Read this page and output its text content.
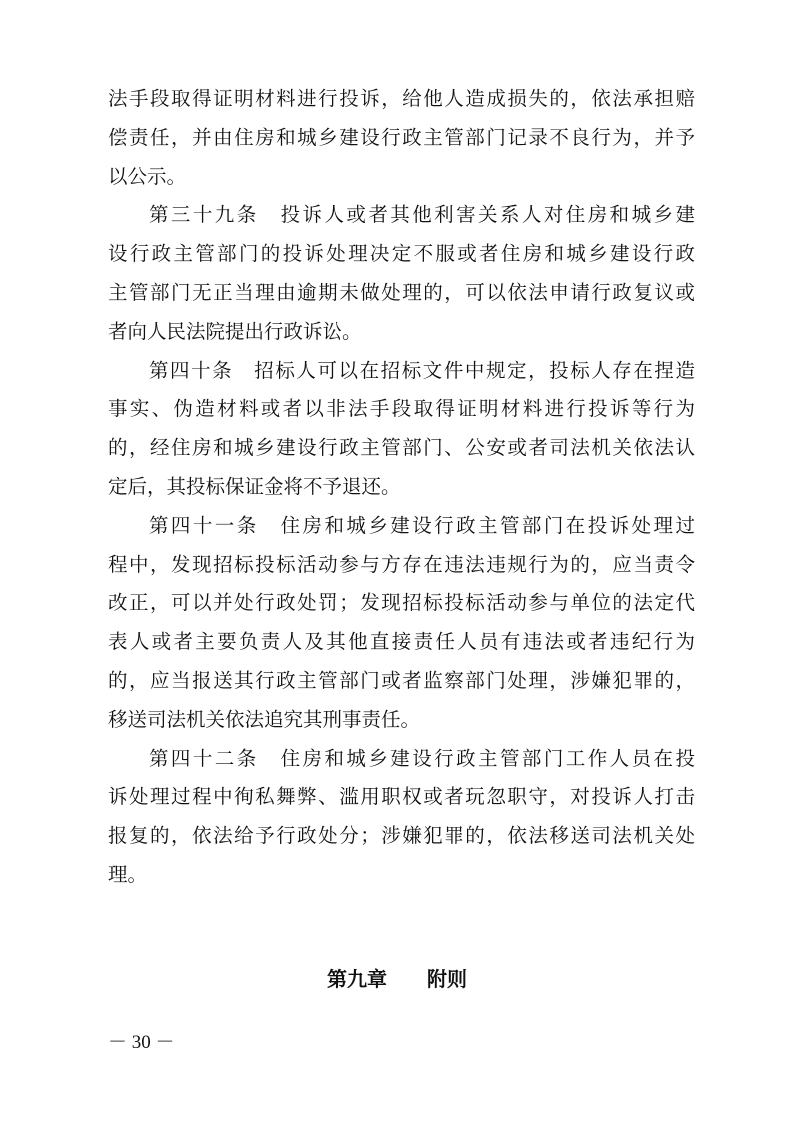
法手段取得证明材料进行投诉，给他人造成损失的，依法承担赔
偿责任，并由住房和城乡建设行政主管部门记录不良行为，并予
以公示。
第三十九条　投诉人或者其他利害关系人对住房和城乡建
设行政主管部门的投诉处理决定不服或者住房和城乡建设行政
主管部门无正当理由逾期未做处理的，可以依法申请行政复议或
者向人民法院提出行政诉讼。
第四十条　招标人可以在招标文件中规定，投标人存在捏造
事实、伪造材料或者以非法手段取得证明材料进行投诉等行为
的，经住房和城乡建设行政主管部门、公安或者司法机关依法认
定后，其投标保证金将不予退还。
第四十一条　住房和城乡建设行政主管部门在投诉处理过
程中，发现招标投标活动参与方存在违法违规行为的，应当责令
改正，可以并处行政处罚；发现招标投标活动参与单位的法定代
表人或者主要负责人及其他直接责任人员有违法或者违纪行为
的，应当报送其行政主管部门或者监察部门处理，涉嫌犯罪的，
移送司法机关依法追究其刑事责任。
第四十二条　住房和城乡建设行政主管部门工作人员在投
诉处理过程中徇私舞弊、滥用职权或者玩忽职守，对投诉人打击
报复的，依法给予行政处分；涉嫌犯罪的，依法移送司法机关处
理。
第九章　　附则
－ 30 －
